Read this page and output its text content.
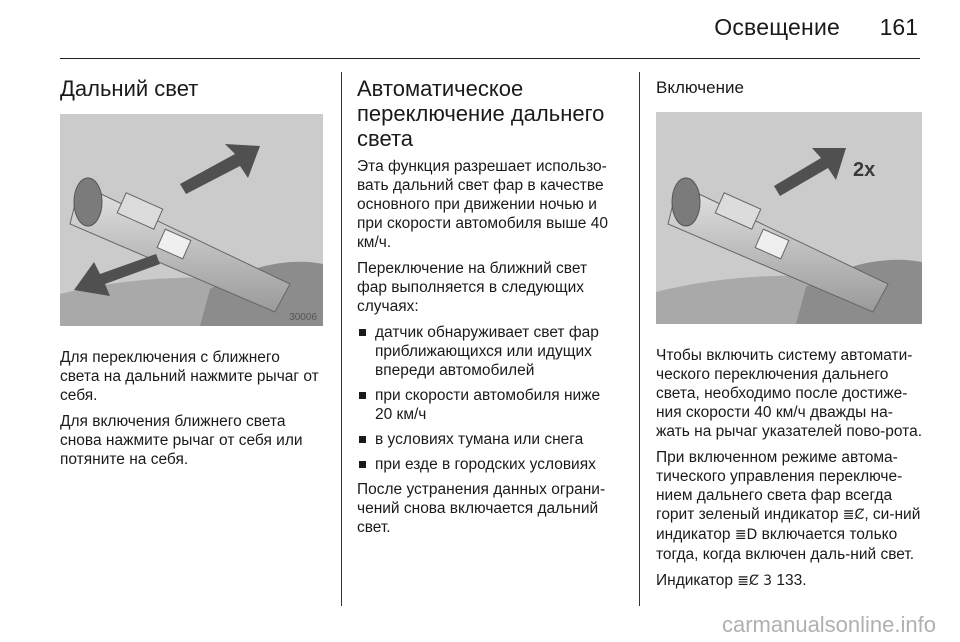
Освещение 161
Дальний свет
30006

Для переключения с ближнего света на дальний нажмите рычаг от себя.

Для включения ближнего света снова нажмите рычаг от себя или потяните на себя.

Автоматическое переключение дальнего света

Эта функция разрешает использо-вать дальний свет фар в качестве основного при движении ночью и при скорости автомобиля выше 40 км/ч.

Переключение на ближний свет фар выполняется в следующих случаях:

датчик обнаруживает свет фар приближающихся или идущих впереди автомобилей
при скорости автомобиля ниже 20 км/ч
в условиях тумана или снега
при езде в городских условиях

После устранения данных ограни-чений снова включается дальний свет.

Включение
2x

Чтобы включить систему автомати-ческого переключения дальнего света, необходимо после достиже-ния скорости 40 км/ч дважды на-жать на рычаг указателей пово-рота.

При включенном режиме автома-тического управления переключе-нием дальнего света фар всегда горит зеленый индикатор ≣Ȼ, си-ний индикатор ≣D включается только тогда, когда включен даль-ний свет.

Индикатор ≣Ȼ 3 133.

carmanualsonline.info
